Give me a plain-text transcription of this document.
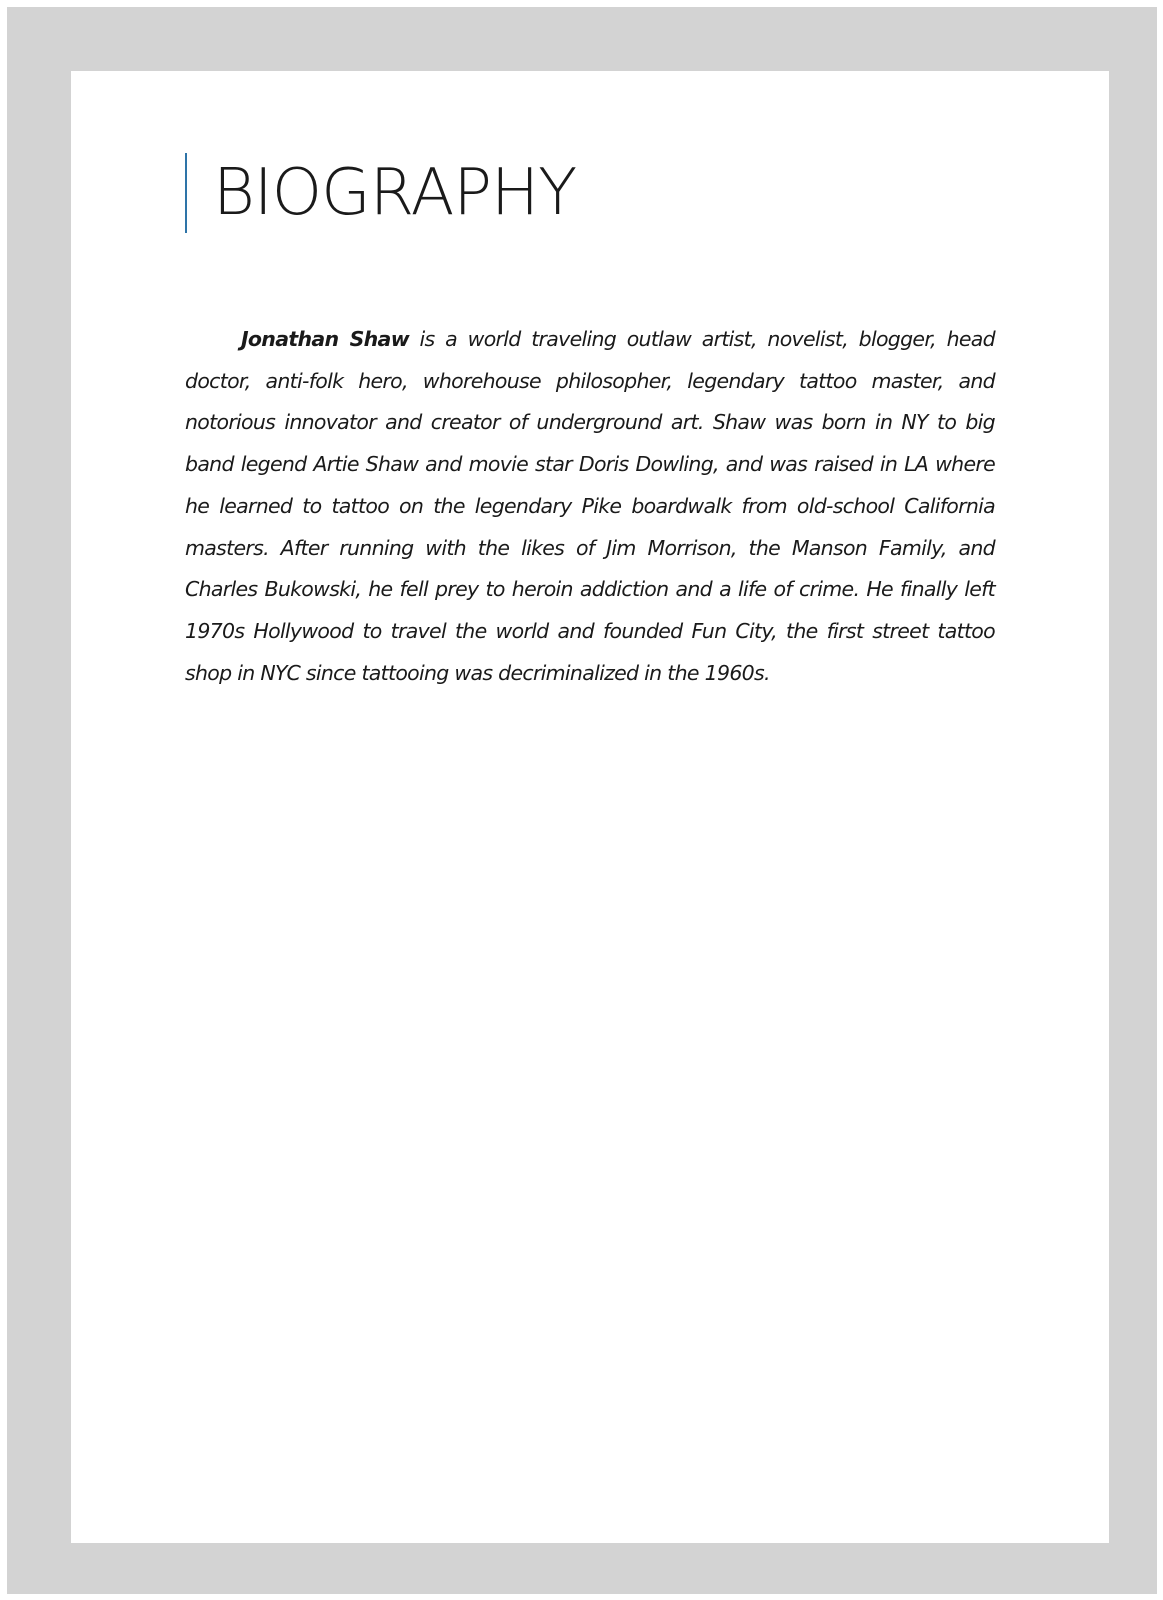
BIOGRAPHY

Jonathan Shaw is a world traveling outlaw artist, novelist, blogger, head doctor, anti-folk hero, whorehouse philosopher, legendary tattoo master, and notorious innovator and creator of underground art. Shaw was born in NY to big band legend Artie Shaw and movie star Doris Dowling, and was raised in LA where he learned to tattoo on the legendary Pike boardwalk from old-school California masters. After running with the likes of Jim Morrison, the Manson Family, and Charles Bukowski, he fell prey to heroin addiction and a life of crime. He finally left 1970s Hollywood to travel the world and founded Fun City, the first street tattoo shop in NYC since tattooing was decriminalized in the 1960s.
